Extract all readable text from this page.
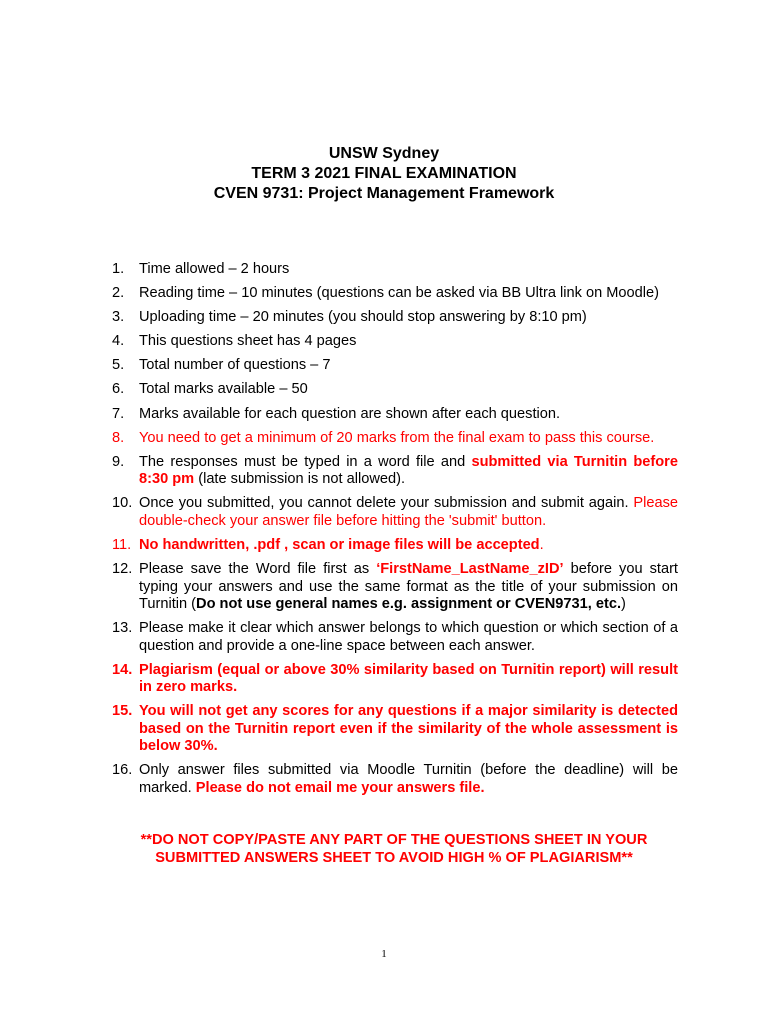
UNSW Sydney
TERM 3 2021 FINAL EXAMINATION
CVEN 9731: Project Management Framework
1.	Time allowed – 2 hours
2.	Reading time – 10 minutes (questions can be asked via BB Ultra link on Moodle)
3.	Uploading time – 20 minutes (you should stop answering by 8:10 pm)
4.	This questions sheet has 4 pages
5.	Total number of questions – 7
6.	Total marks available – 50
7.	Marks available for each question are shown after each question.
8.	You need to get a minimum of 20 marks from the final exam to pass this course.
9.	The responses must be typed in a word file and submitted via Turnitin before 8:30 pm (late submission is not allowed).
10. Once you submitted, you cannot delete your submission and submit again. Please double-check your answer file before hitting the 'submit' button.
11. No handwritten, .pdf , scan or image files will be accepted.
12. Please save the Word file first as ‘FirstName_LastName_zID’ before you start typing your answers and use the same format as the title of your submission on Turnitin (Do not use general names e.g. assignment or CVEN9731, etc.)
13. Please make it clear which answer belongs to which question or which section of a question and provide a one-line space between each answer.
14. Plagiarism (equal or above 30% similarity based on Turnitin report) will result in zero marks.
15. You will not get any scores for any questions if a major similarity is detected based on the Turnitin report even if the similarity of the whole assessment is below 30%.
16. Only answer files submitted via Moodle Turnitin (before the deadline) will be marked. Please do not email me your answers file.
**DO NOT COPY/PASTE ANY PART OF THE QUESTIONS SHEET IN YOUR
SUBMITTED ANSWERS SHEET TO AVOID HIGH % OF PLAGIARISM**
1
